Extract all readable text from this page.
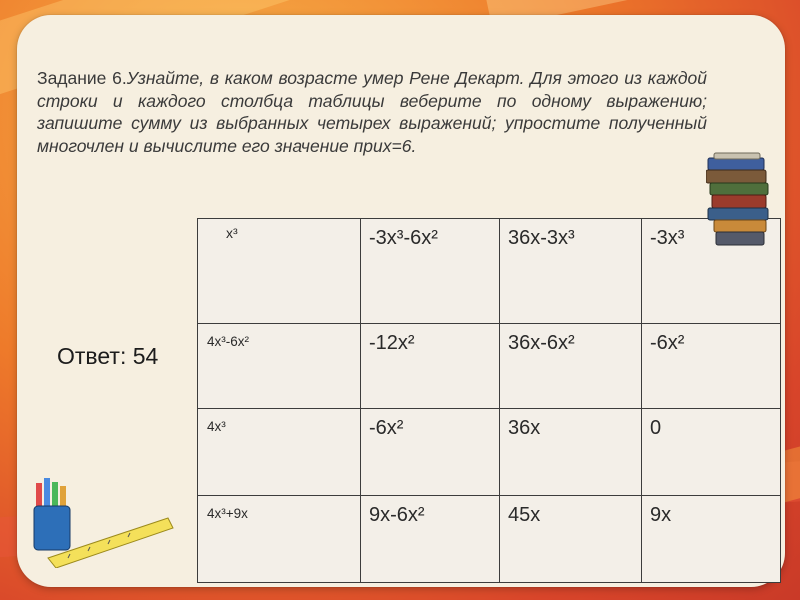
Задание 6.Узнайте, в каком возрасте умер Рене Декарт. Для этого из каждой строки и каждого столбца таблицы веберите по одному выражению; запишите сумму из выбранных четырех выражений; упростите полученный многочлен и вычислите его значение прих=6.
Ответ: 54
x³	-3x³-6x²	36x-3x³	-3x³
4x³-6x²	-12x²	36x-6x²	-6x²
4x³	-6x²	36x	0
4x³+9x	9x-6x²	45x	9x
